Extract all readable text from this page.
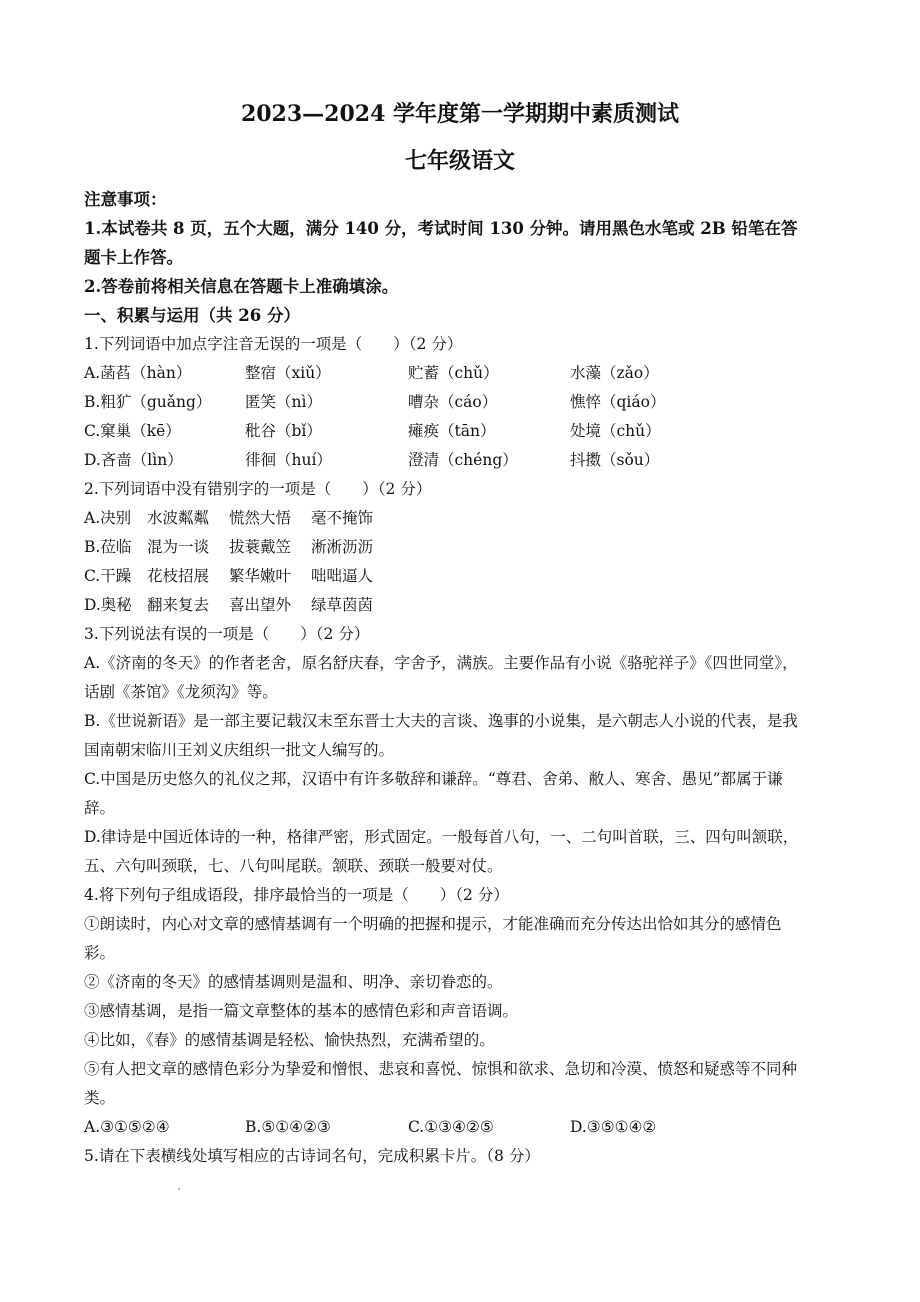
2023—2024 学年度第一学期期中素质测试
七年级语文
注意事项：
1.本试卷共 8 页，五个大题，满分 140 分，考试时间 130 分钟。请用黑色水笔或 2B 铅笔在答
题卡上作答。
2.答卷前将相关信息在答题卡上准确填涂。
一、积累与运用（共 26 分）
1.下列词语中加点字注音无误的一项是（　　）（2 分）
A.菡萏（hàn）	整宿（xiǔ）	贮蓄（chǔ）	水藻（zǎo）
B.粗犷（guǎng） 匿笑（nì）	嘈杂（cáo）	憔悴（qiáo）
C.窠巢（kē）	秕谷（bǐ）	瘫痪（tān）	处境（chǔ）
D.吝啬（lìn）	徘徊（huí）	澄清（chéng）	抖擞（sǒu）
2.下列词语中没有错别字的一项是（　　）（2 分）
A.决别 水波粼粼 慌然大悟 毫不掩饰
B.莅临 混为一谈 拔蓑戴笠 淅淅沥沥
C.干躁 花枝招展 繁华嫩叶 咄咄逼人
D.奥秘 翻来复去 喜出望外 绿草茵茵
3.下列说法有误的一项是（　　）（2 分）
A.《济南的冬天》的作者老舍，原名舒庆春，字舍予，满族。主要作品有小说《骆驼祥子》《四世同堂》，
话剧《茶馆》《龙须沟》等。
B.《世说新语》是一部主要记载汉末至东晋士大夫的言谈、逸事的小说集，是六朝志人小说的代表，是我
国南朝宋临川王刘义庆组织一批文人编写的。
C.中国是历史悠久的礼仪之邦，汉语中有许多敬辞和谦辞。“尊君、舍弟、敝人、寒舍、愚见”都属于谦
辞。
D.律诗是中国近体诗的一种，格律严密，形式固定。一般每首八句，一、二句叫首联，三、四句叫颔联，
五、六句叫颈联，七、八句叫尾联。颔联、颈联一般要对仗。
4.将下列句子组成语段，排序最恰当的一项是（　　）（2 分）
①朗读时，内心对文章的感情基调有一个明确的把握和提示，才能准确而充分传达出恰如其分的感情色
彩。
②《济南的冬天》的感情基调则是温和、明净、亲切眷恋的。
③感情基调，是指一篇文章整体的基本的感情色彩和声音语调。
④比如，《春》的感情基调是轻松、愉快热烈，充满希望的。
⑤有人把文章的感情色彩分为挚爱和憎恨、悲哀和喜悦、惊惧和欲求、急切和冷漠、愤怒和疑惑等不同种
类。
A.③①⑤②④	B.⑤①④②③	C.①③④②⑤	D.③⑤①④②
5.请在下表横线处填写相应的古诗词名句，完成积累卡片。（8 分）
